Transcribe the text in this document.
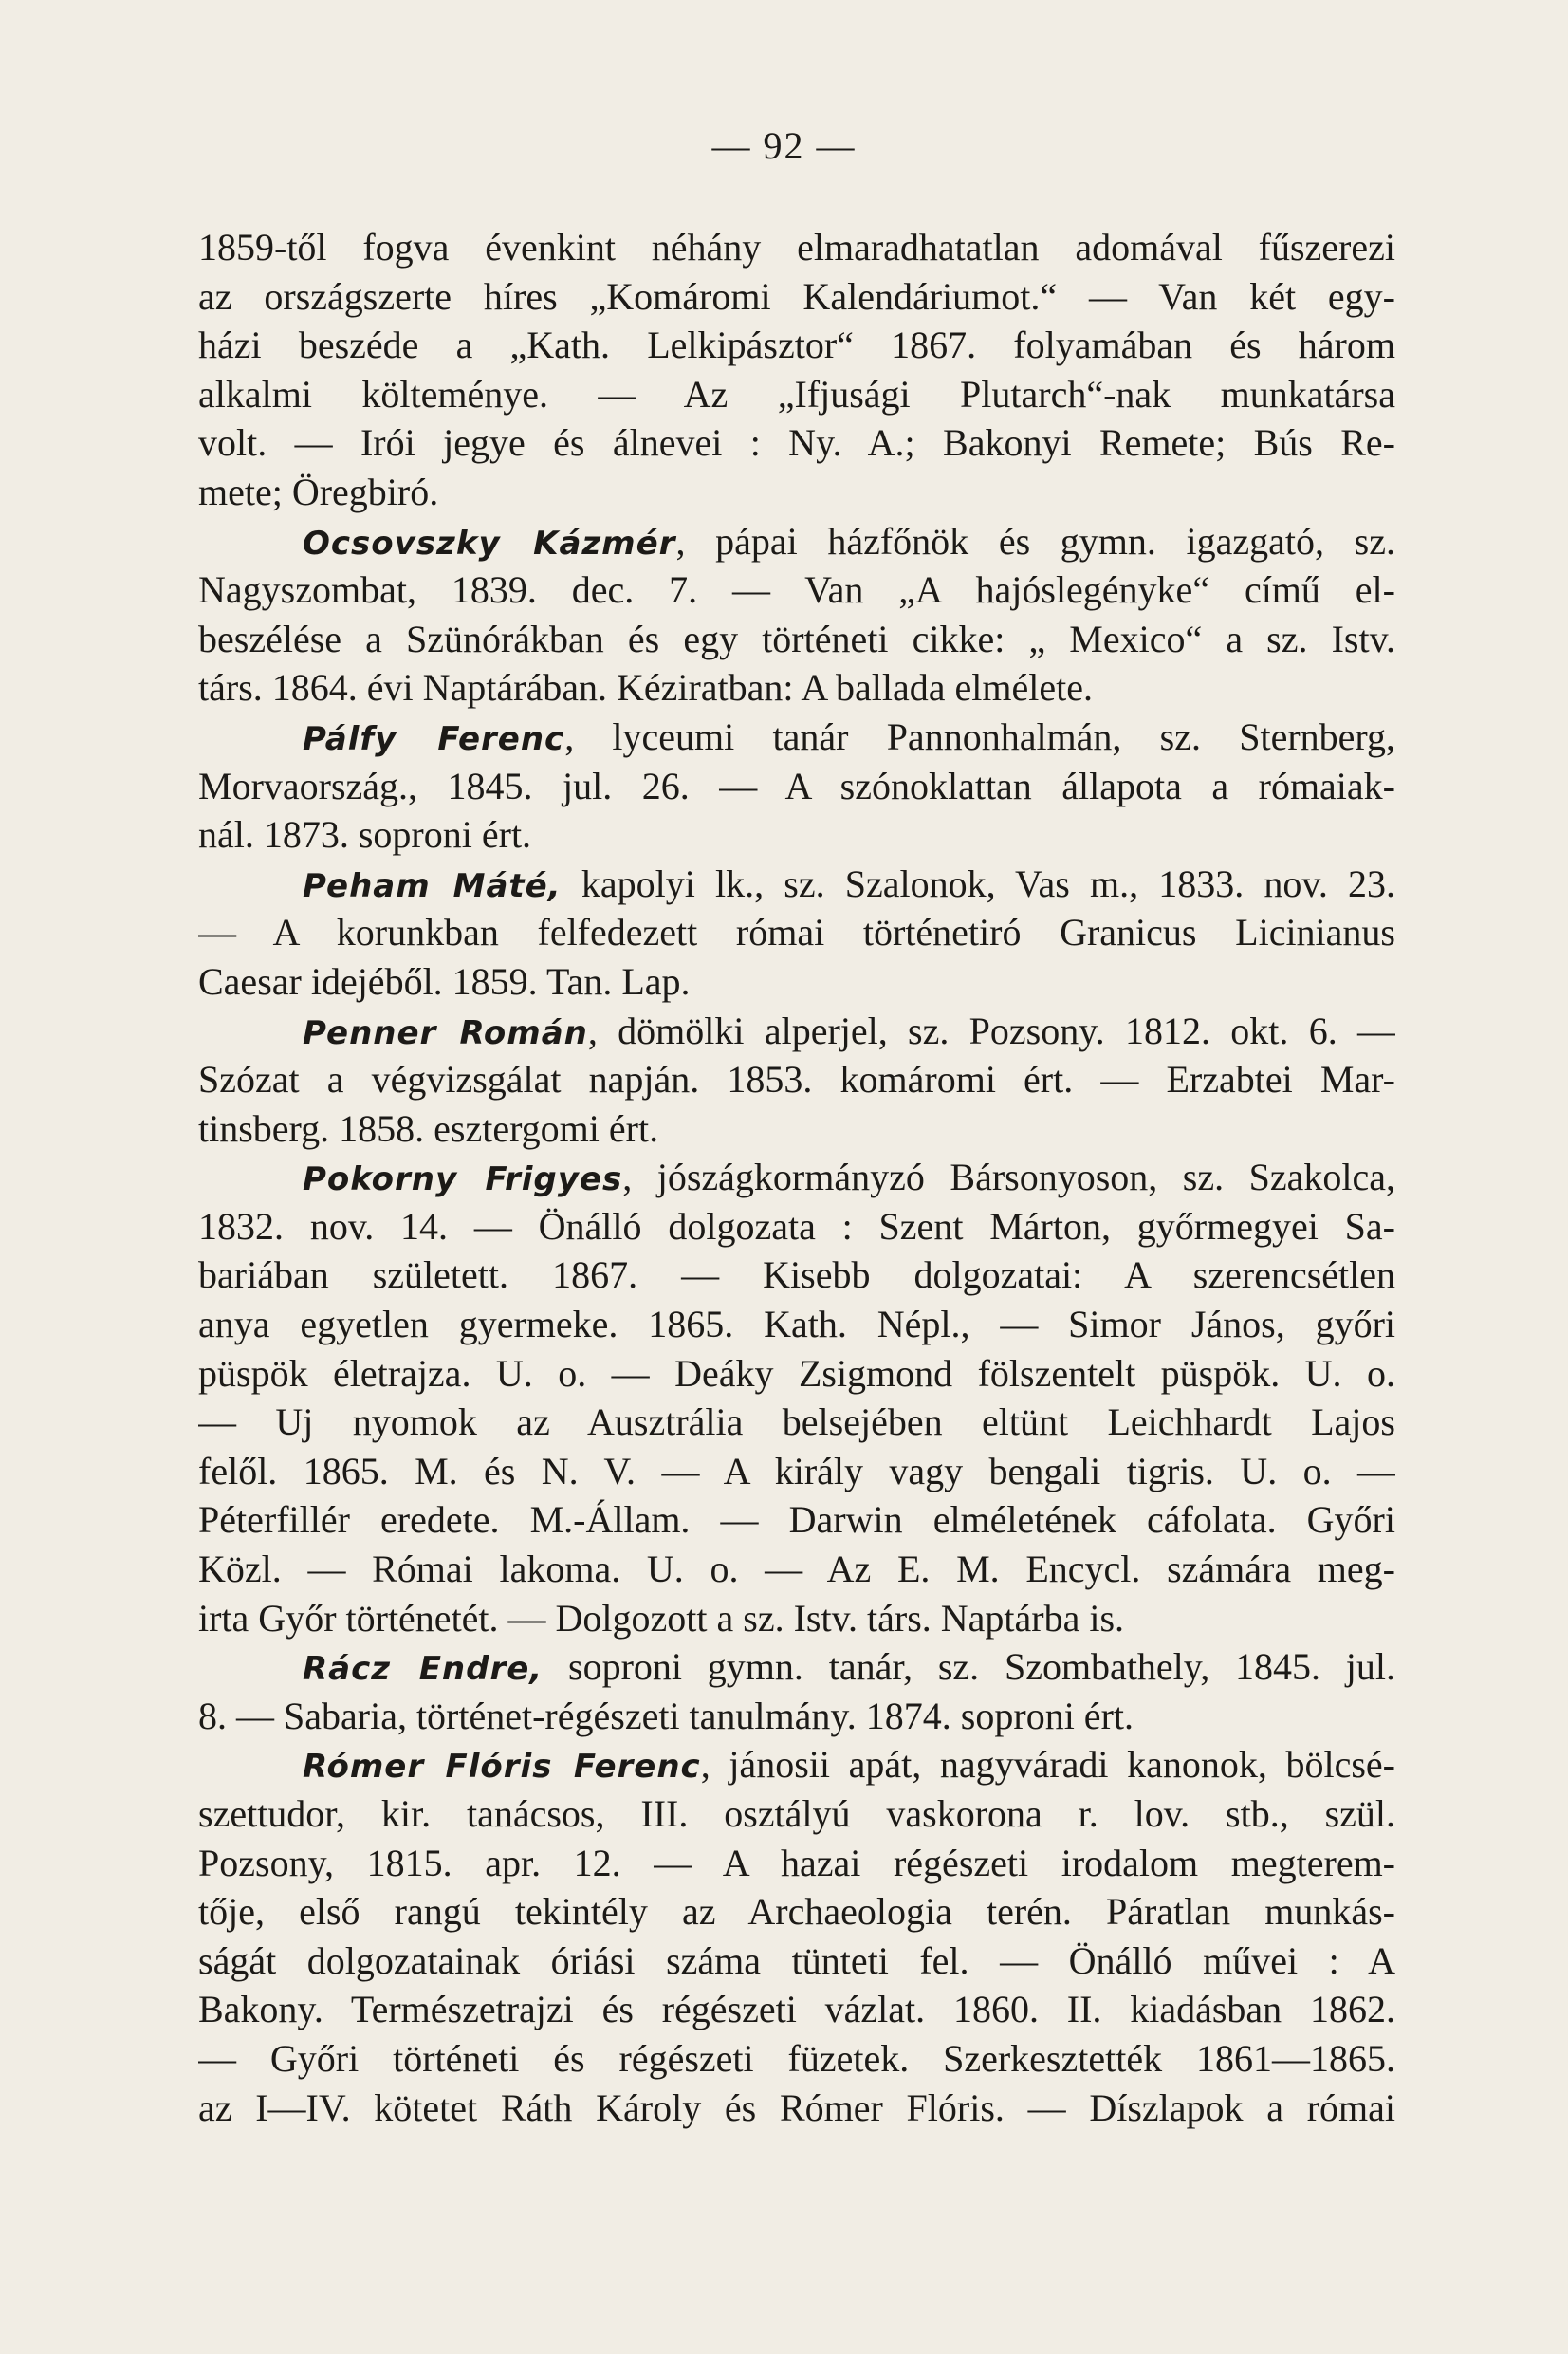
— 92 —
1859-től fogva évenkint néhány elmaradhatatlan adomával fűszerezi
az országszerte híres „Komáromi Kalendáriumot.“ — Van két egy-
házi beszéde a „Kath. Lelkipásztor“ 1867. folyamában és három
alkalmi költeménye. — Az „Ifjusági Plutarch“-nak munkatársa
volt. — Irói jegye és álnevei : Ny. A.; Bakonyi Remete; Bús Re-
mete; Öregbiró.
Ocsovszky Kázmér, pápai házfőnök és gymn. igazgató, sz.
Nagyszombat, 1839. dec. 7. — Van „A hajóslegényke“ című el-
beszélése a Szünórákban és egy történeti cikke: „ Mexico“ a sz. Istv.
társ. 1864. évi Naptárában. Kéziratban: A ballada elmélete.
Pálfy Ferenc, lyceumi tanár Pannonhalmán, sz. Sternberg,
Morvaország., 1845. jul. 26. — A szónoklattan állapota a rómaiak-
nál. 1873. soproni ért.
Peham Máté, kapolyi lk., sz. Szalonok, Vas m., 1833. nov. 23.
— A korunkban felfedezett római történetiró Granicus Licinianus
Caesar idejéből. 1859. Tan. Lap.
Penner Román, dömölki alperjel, sz. Pozsony. 1812. okt. 6. —
Szózat a végvizsgálat napján. 1853. komáromi ért. — Erzabtei Mar-
tinsberg. 1858. esztergomi ért.
Pokorny Frigyes, jószágkormányzó Bársonyoson, sz. Szakolca,
1832. nov. 14. — Önálló dolgozata : Szent Márton, győrmegyei Sa-
bariában született. 1867. — Kisebb dolgozatai: A szerencsétlen
anya egyetlen gyermeke. 1865. Kath. Népl., — Simor János, győri
püspök életrajza. U. o. — Deáky Zsigmond fölszentelt püspök. U. o.
— Uj nyomok az Ausztrália belsejében eltünt Leichhardt Lajos
felől. 1865. M. és N. V. — A király vagy bengali tigris. U. o. —
Péterfillér eredete. M.-Állam. — Darwin elméletének cáfolata. Győri
Közl. — Római lakoma. U. o. — Az E. M. Encycl. számára meg-
irta Győr történetét. — Dolgozott a sz. Istv. társ. Naptárba is.
Rácz Endre, soproni gymn. tanár, sz. Szombathely, 1845. jul.
8. — Sabaria, történet-régészeti tanulmány. 1874. soproni ért.
Rómer Flóris Ferenc, jánosii apát, nagyváradi kanonok, bölcsé-
szettudor, kir. tanácsos, III. osztályú vaskorona r. lov. stb., szül.
Pozsony, 1815. apr. 12. — A hazai régészeti irodalom megterem-
tője, első rangú tekintély az Archaeologia terén. Páratlan munkás-
ságát dolgozatainak óriási száma tünteti fel. — Önálló művei : A
Bakony. Természetrajzi és régészeti vázlat. 1860. II. kiadásban 1862.
— Győri történeti és régészeti füzetek. Szerkesztették 1861—1865.
az I—IV. kötetet Ráth Károly és Rómer Flóris. — Díszlapok a római
